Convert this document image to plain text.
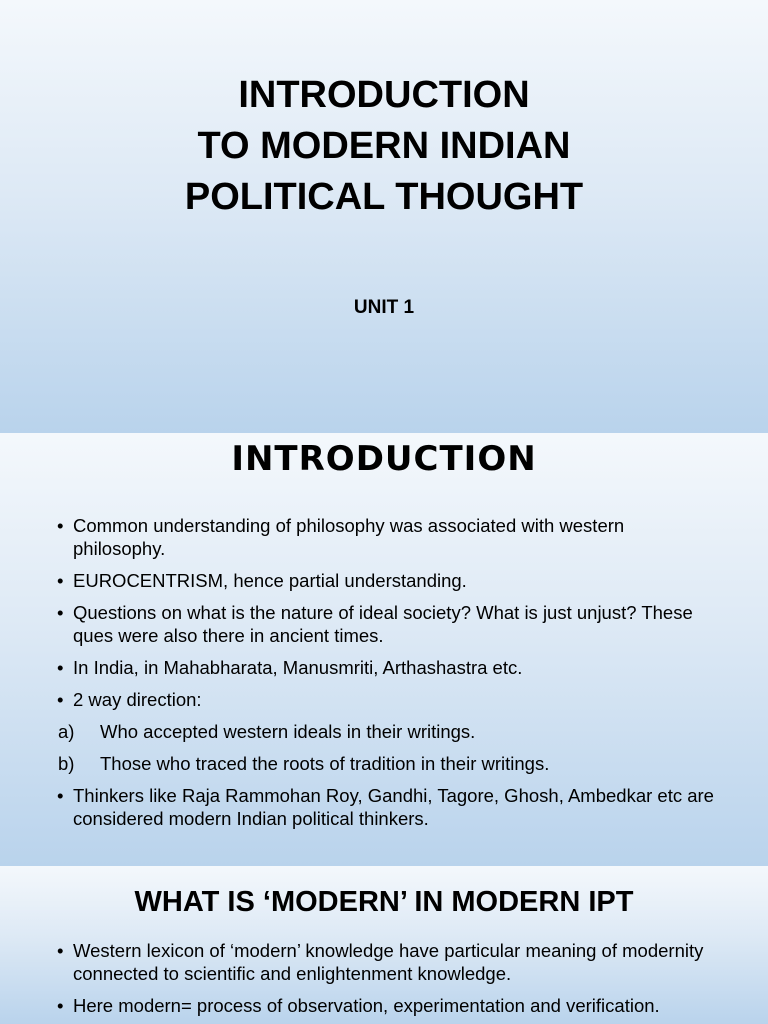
INTRODUCTION
TO MODERN INDIAN
POLITICAL THOUGHT
UNIT 1
INTRODUCTION
• Common understanding of philosophy was associated with western philosophy.
• EUROCENTRISM, hence partial understanding.
• Questions on what is the nature of ideal society? What is just unjust? These ques were also there in ancient times.
• In India, in Mahabharata, Manusmriti, Arthashastra etc.
• 2 way direction:
a) Who accepted western ideals in their writings.
b) Those who traced the roots of tradition in their writings.
• Thinkers like Raja Rammohan Roy, Gandhi, Tagore, Ghosh, Ambedkar etc are considered modern Indian political thinkers.
WHAT IS ‘MODERN’ IN MODERN IPT
• Western lexicon of ‘modern’ knowledge have particular meaning of modernity connected to scientific and enlightenment knowledge.
• Here modern= process of observation, experimentation and verification.
